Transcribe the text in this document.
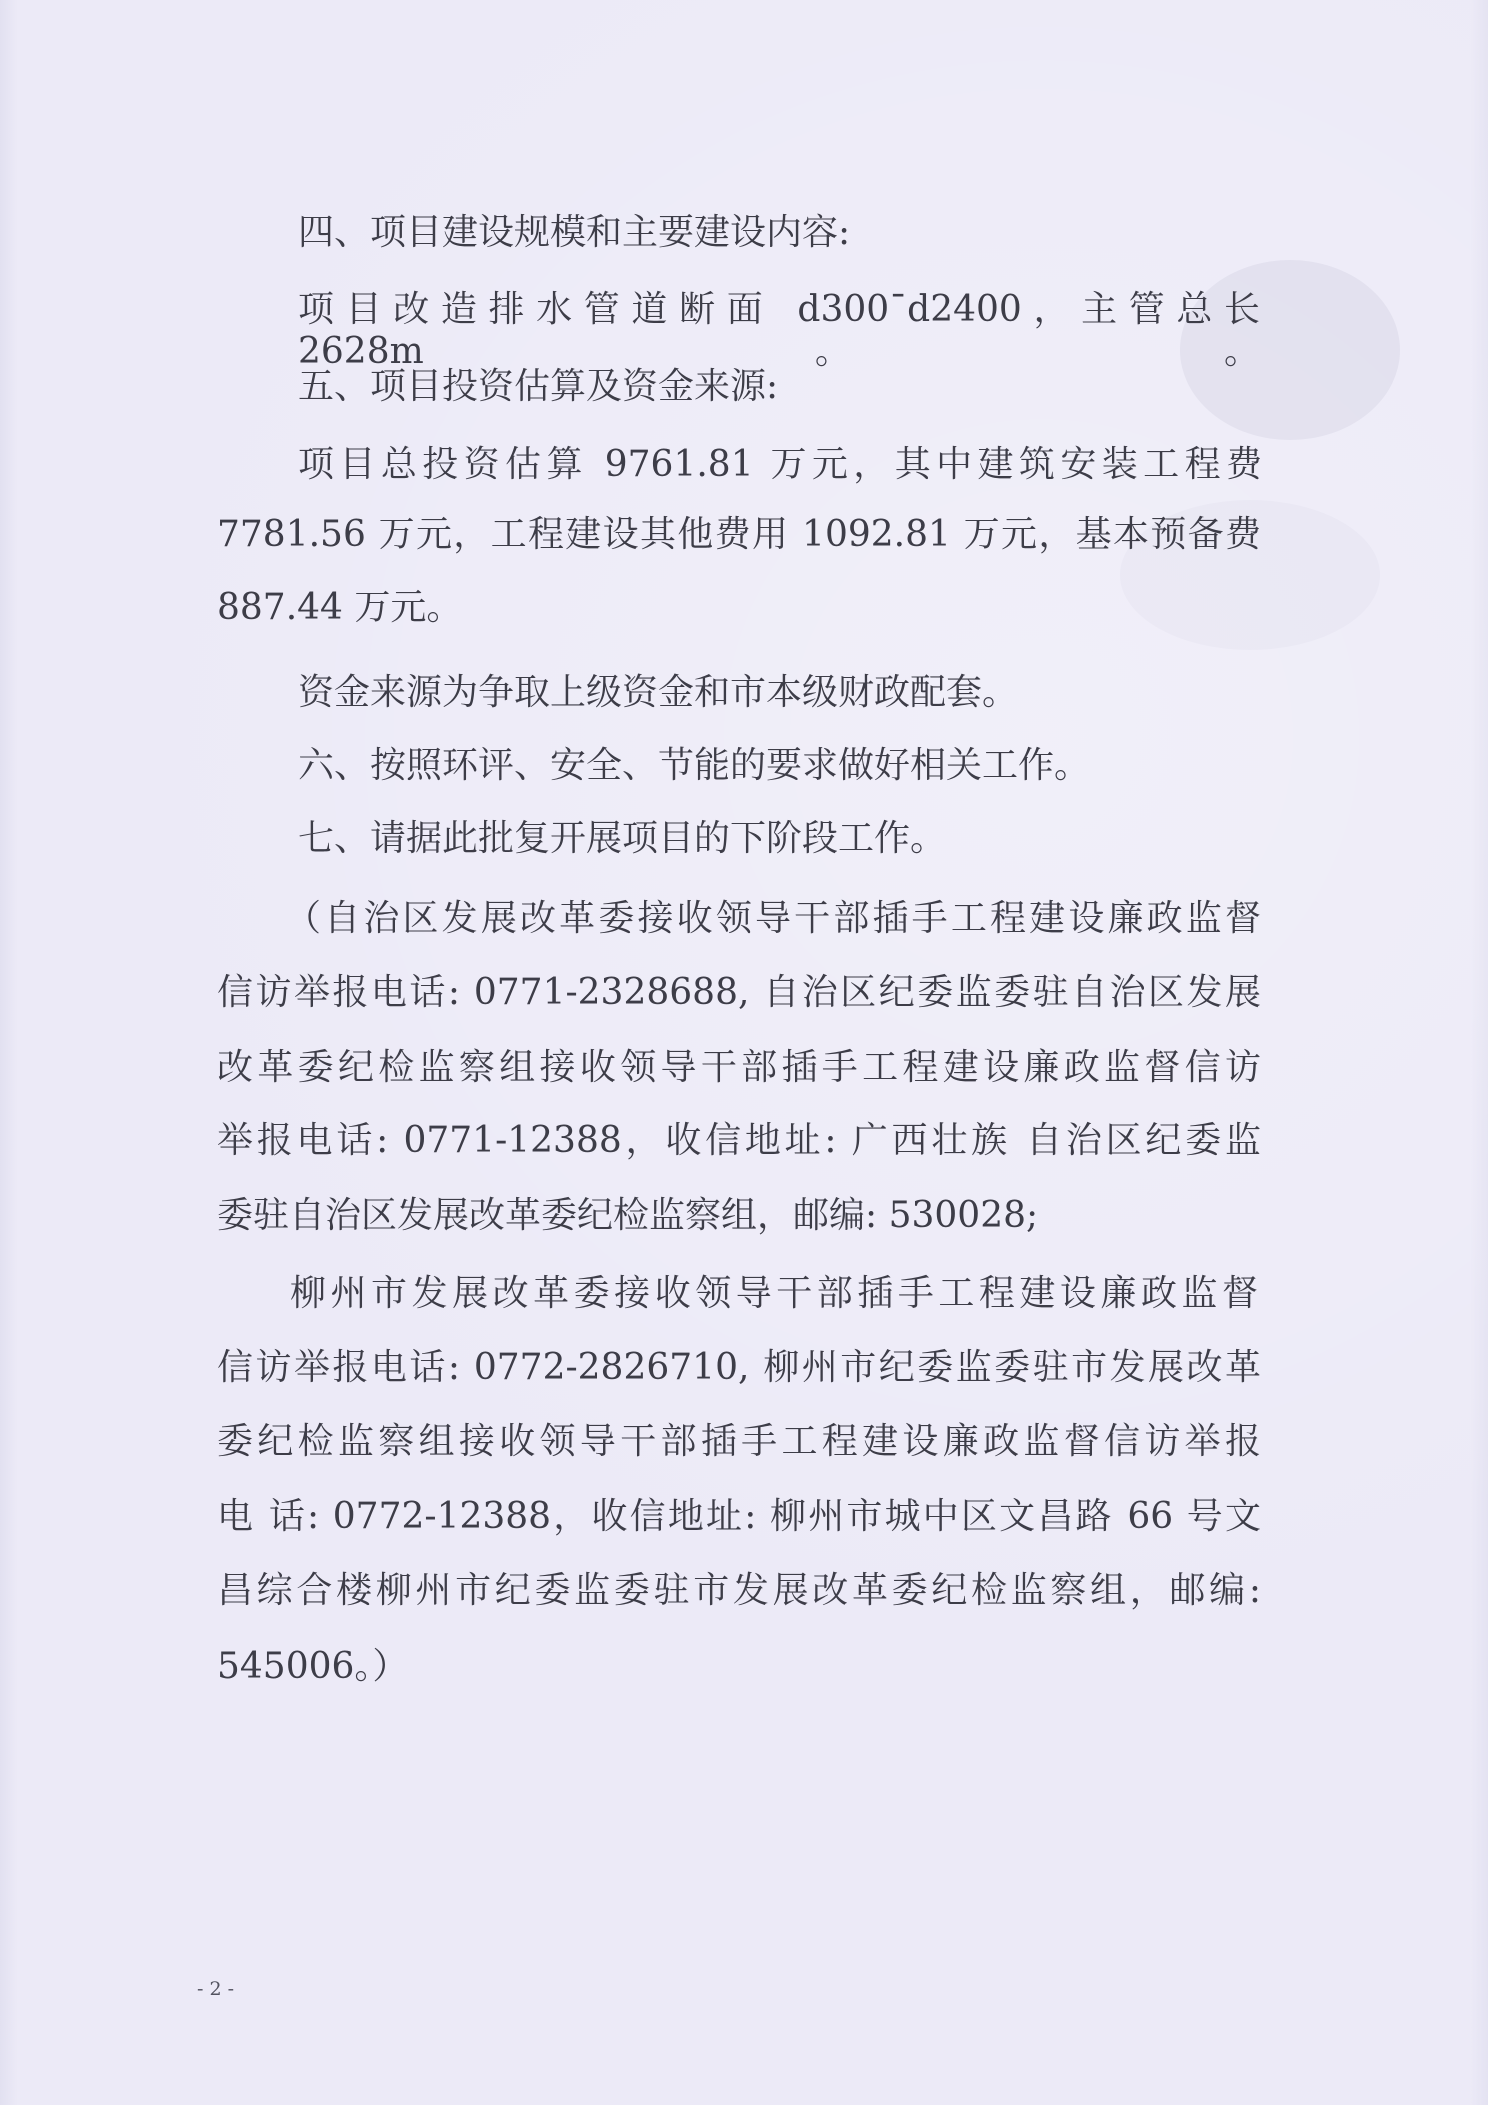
四、项目建设规模和主要建设内容:
项目改造排水管道断面 d300¯d2400，主管总长 2628m。。
五、项目投资估算及资金来源:
项目总投资估算 9761.81 万元，其中建筑安装工程费
7781.56 万元，工程建设其他费用 1092.81 万元，基本预备费
887.44 万元。
资金来源为争取上级资金和市本级财政配套。
六、按照环评、安全、节能的要求做好相关工作。
七、请据此批复开展项目的下阶段工作。
（自治区发展改革委接收领导干部插手工程建设廉政监督
信访举报电话: 0771-2328688, 自治区纪委监委驻自治区发展
改革委纪检监察组接收领导干部插手工程建设廉政监督信访
举报电话: 0771-12388，收信地址: 广西壮族 自治区纪委监
委驻自治区发展改革委纪检监察组，邮编: 530028;
柳州市发展改革委接收领导干部插手工程建设廉政监督
信访举报电话: 0772-2826710, 柳州市纪委监委驻市发展改革
委纪检监察组接收领导干部插手工程建设廉政监督信访举报
电 话: 0772-12388，收信地址: 柳州市城中区文昌路 66 号文
昌综合楼柳州市纪委监委驻市发展改革委纪检监察组，邮编:
545006。）
- 2 -
